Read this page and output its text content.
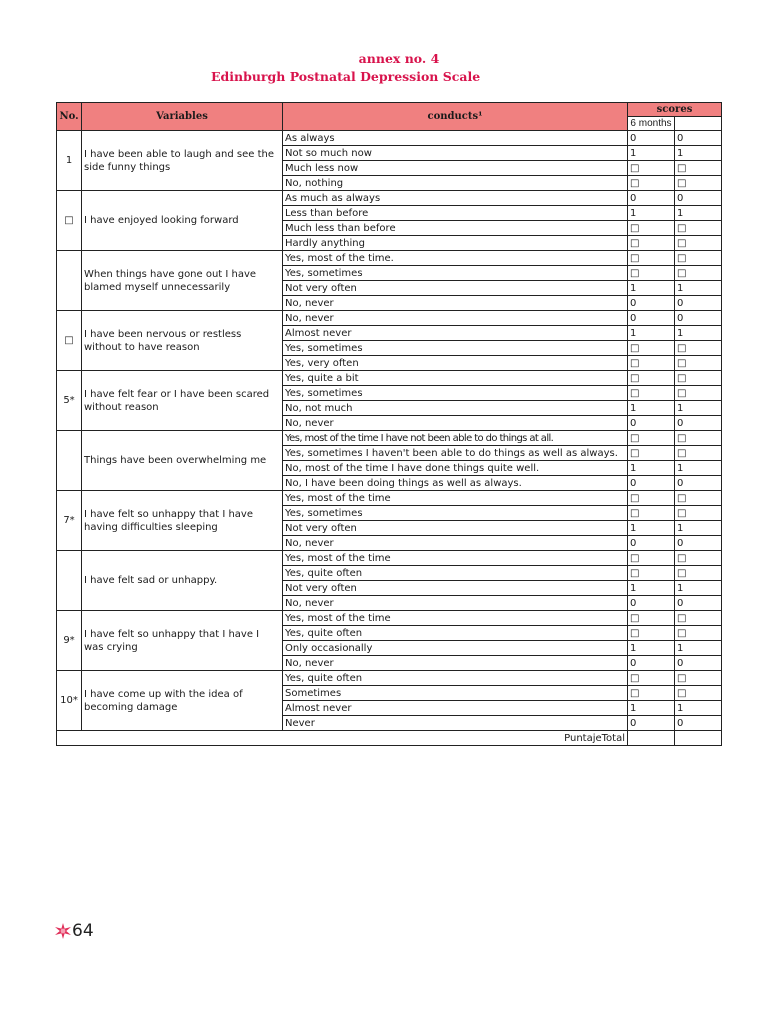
annex no. 4
Edinburgh Postnatal Depression Scale
No.	Variables	conducts¹	scores	
			6 months	
1	I have been able to laugh and see the side funny things	As always	0	0
		Not so much now	1	1
		Much less now	□	□
		No, nothing	□	□
□	I have enjoyed looking forward	As much as always	0	0
		Less than before	1	1
		Much less than before	□	□
		Hardly anything	□	□
	When things have gone out I have blamed myself unnecessarily	Yes, most of the time.	□	□
		Yes, sometimes	□	□
		Not very often	1	1
		No, never	0	0
□	I have been nervous or restless without to have reason	No, never	0	0
		Almost never	1	1
		Yes, sometimes	□	□
		Yes, very often	□	□
5*	I have felt fear or I have been scared without reason	Yes, quite a bit	□	□
		Yes, sometimes	□	□
		No, not much	1	1
		No, never	0	0
	Things have been overwhelming me	Yes, most of the time I have not been able to do things at all.	□	□
		Yes, sometimes I haven't been able to do things as well as always.	□	□
		No, most of the time I have done things quite well.	1	1
		No, I have been doing things as well as always.	0	0
7*	I have felt so unhappy that I have having difficulties sleeping	Yes, most of the time	□	□
		Yes, sometimes	□	□
		Not very often	1	1
		No, never	0	0
	I have felt sad or unhappy.	Yes, most of the time	□	□
		Yes, quite often	□	□
		Not very often	1	1
		No, never	0	0
9*	I have felt so unhappy that I have I was crying	Yes, most of the time	□	□
		Yes, quite often	□	□
		Only occasionally	1	1
		No, never	0	0
10*	I have come up with the idea of becoming damage	Yes, quite often	□	□
		Sometimes	□	□
		Almost never	1	1
		Never	0	0
PuntajeTotal				
64
